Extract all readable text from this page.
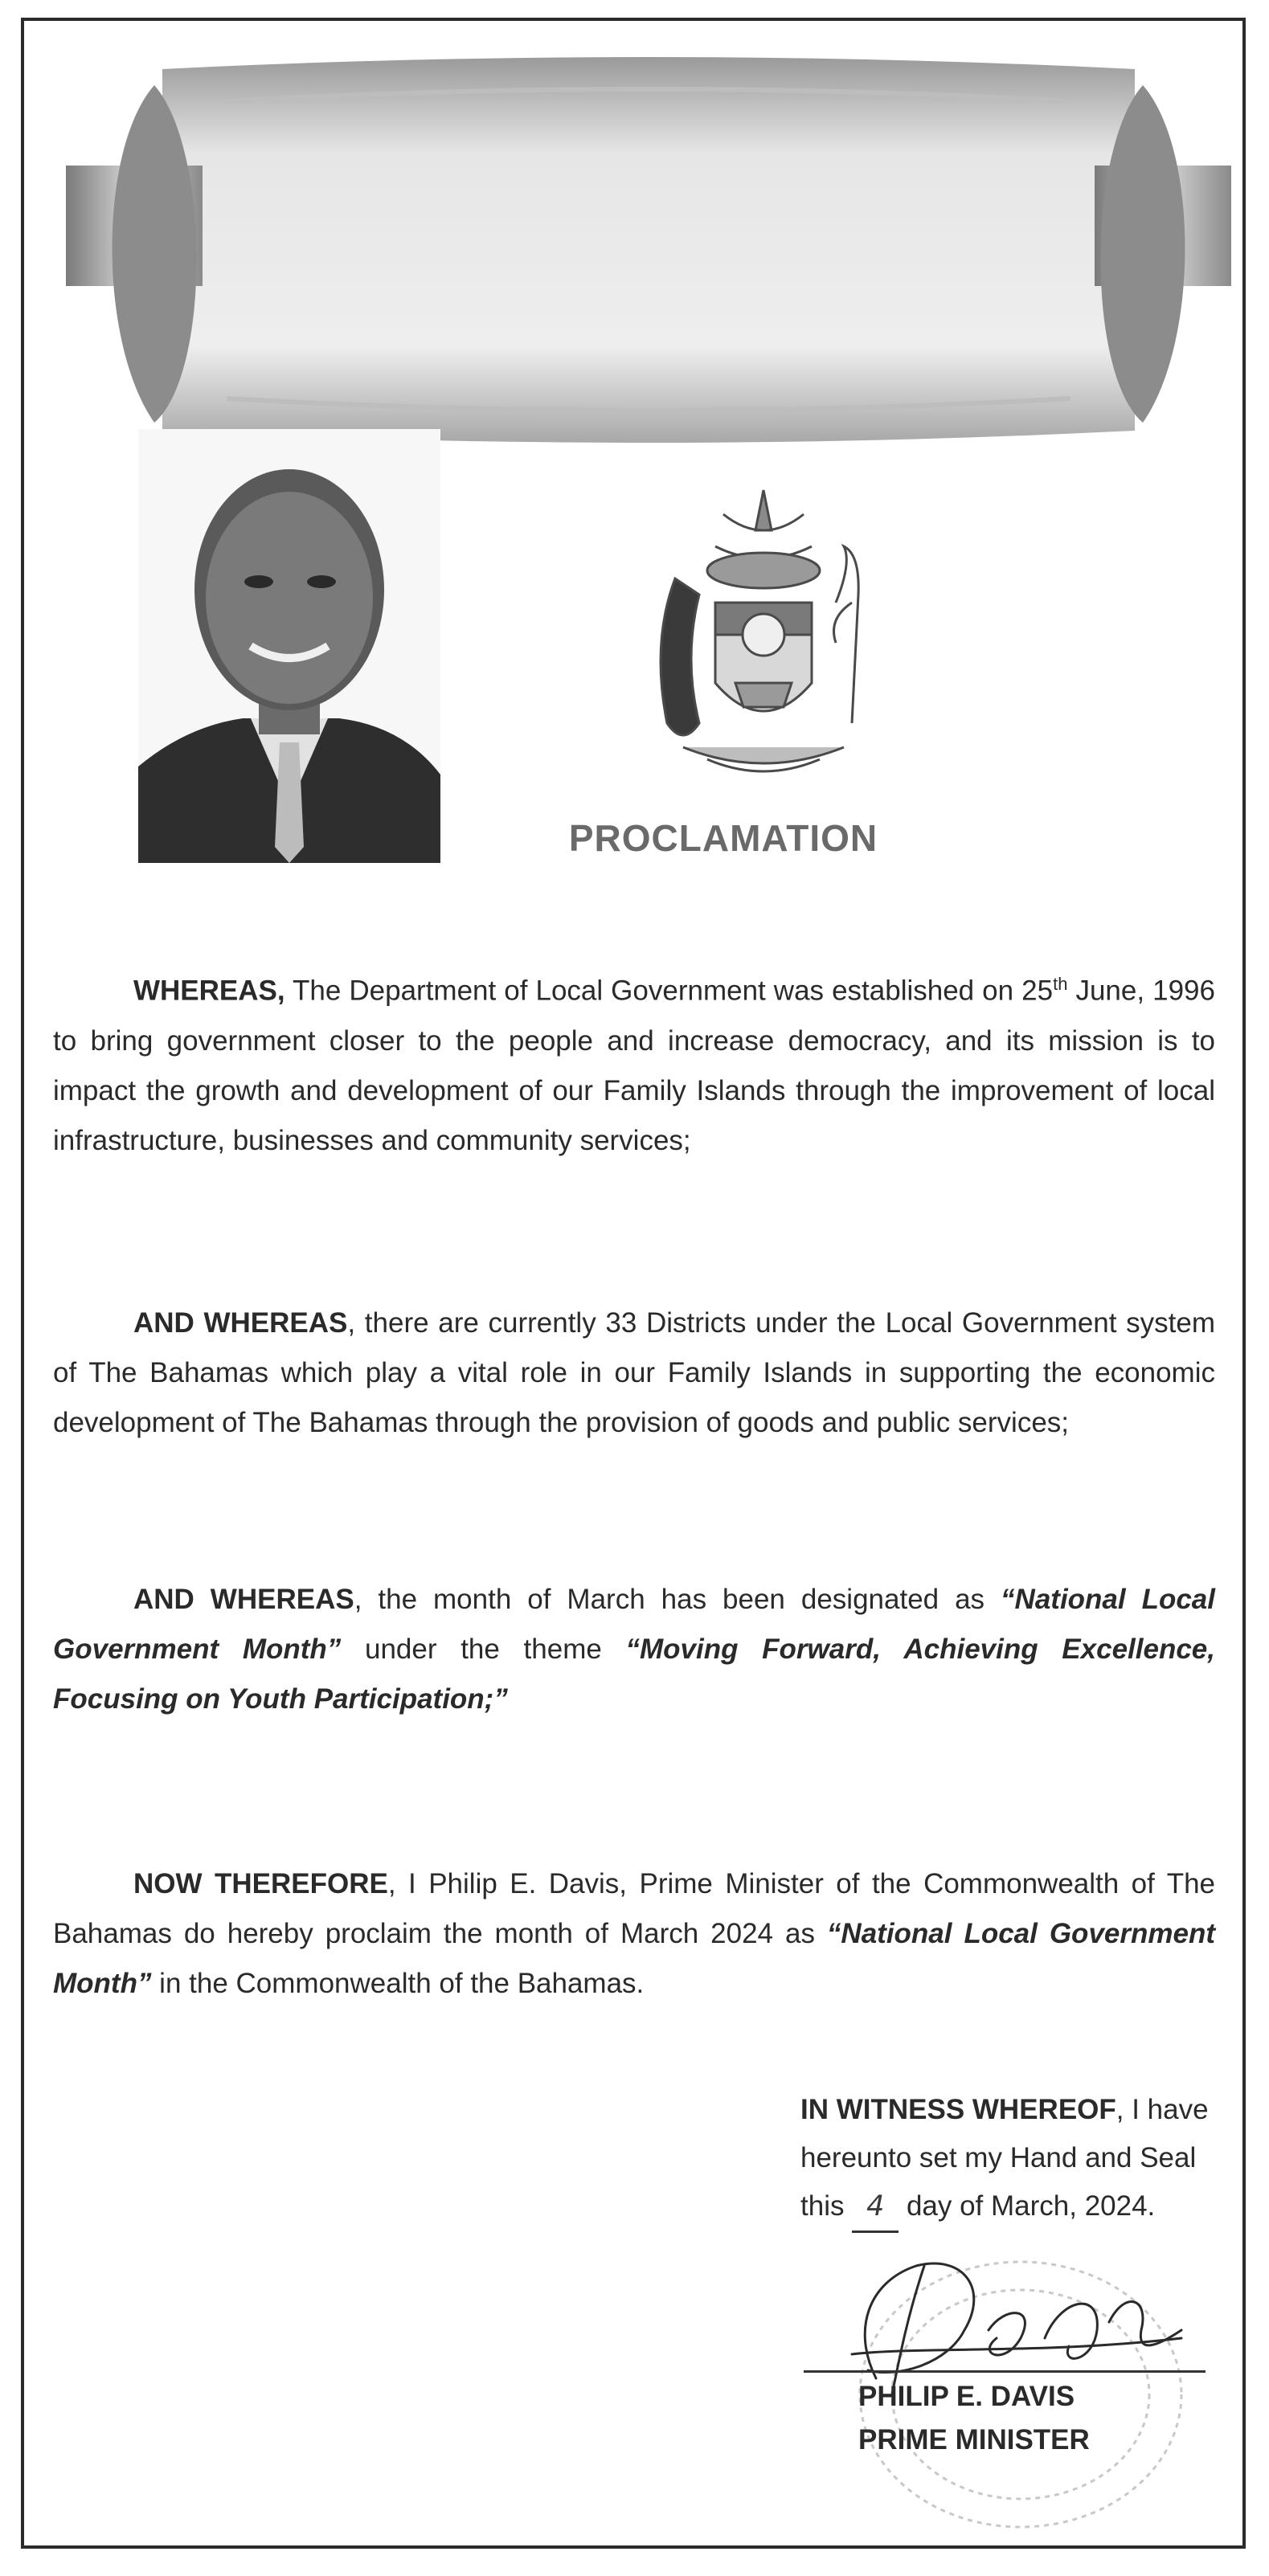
PROCLAMATION
WHEREAS, The Department of Local Government was established on 25th June, 1996 to bring government closer to the people and increase democracy, and its mission is to impact the growth and development of our Family Islands through the improvement of local infrastructure, businesses and community services;
AND WHEREAS, there are currently 33 Districts under the Local Government system of The Bahamas which play a vital role in our Family Islands in supporting the economic development of The Bahamas through the provision of goods and public services;
AND WHEREAS, the month of March has been designated as “National Local Government Month” under the theme “Moving Forward, Achieving Excellence, Focusing on Youth Participation;”
NOW THEREFORE, I Philip E. Davis, Prime Minister of the Commonwealth of The Bahamas do hereby proclaim the month of March 2024 as “National Local Government Month” in the Commonwealth of the Bahamas.
IN WITNESS WHEREOF, I have
hereunto set my Hand and Seal
this 4 day of March, 2024.
PHILIP E. DAVIS
PRIME MINISTER
